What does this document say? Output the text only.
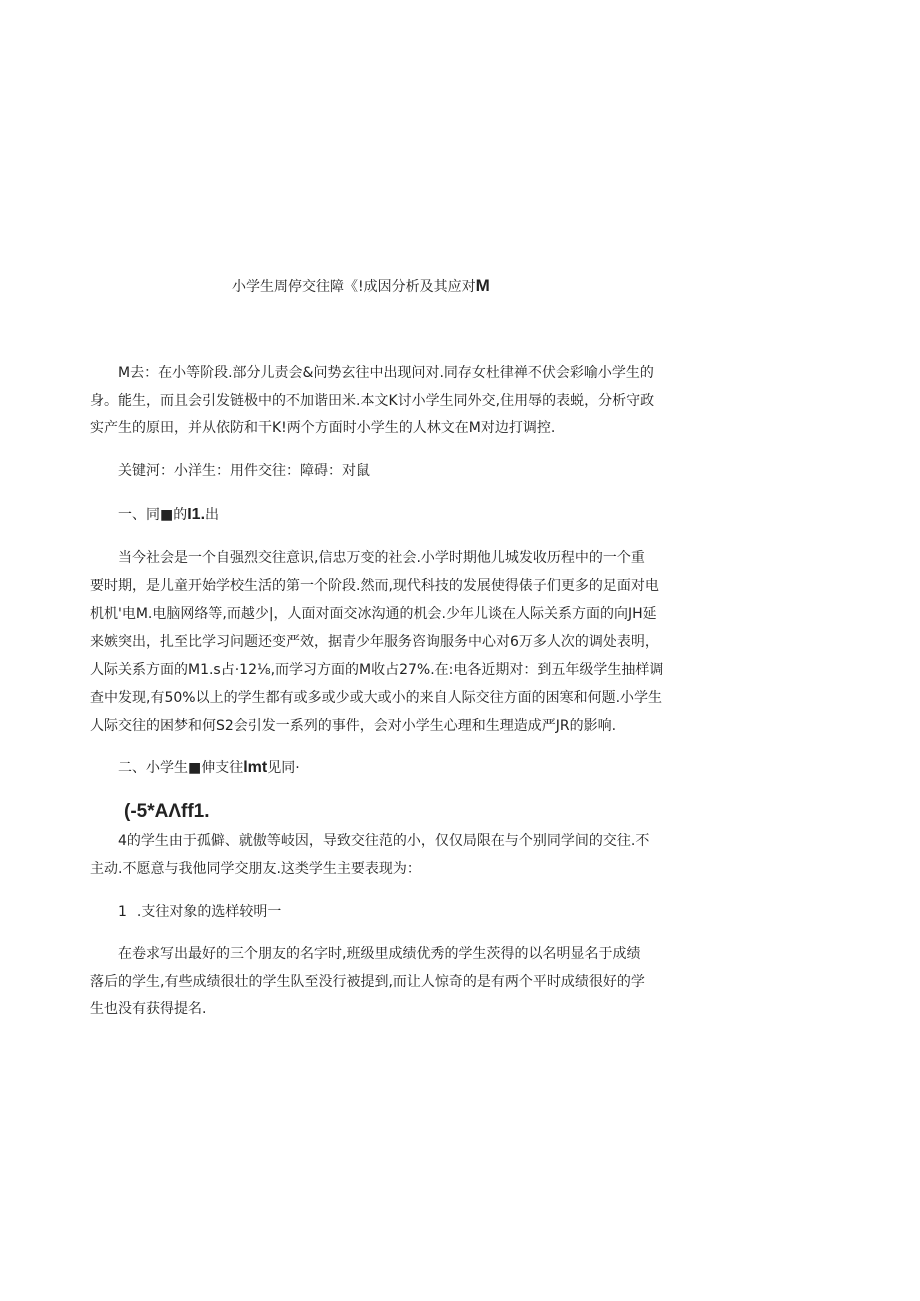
小学生周停交往障《!成因分析及其应对M
M去：在小等阶段.部分儿责会&问势玄往中出现问对.同存女杜律禅不伏会彩喻小学生的
身。能生，而且会引发链极中的不加谐田米.本文K讨小学生同外交,住用辱的表蜕，分析守政
实产生的原田，并从依防和干K!两个方面时小学生的人林文在M对边打调控.
关键河：小洋生：用件交往：障碍：对鼠
一、同■的I1.出
当今社会是一个自强烈交往意识,信忠万变的社会.小学时期他儿城发收历程中的一个重
要时期，是儿童开始学校生活的第一个阶段.然而,现代科技的发展使得俵子们更多的足面对电
机机'电M.电脑网络等,而越少|，人面对面交冰沟通的机会.少年儿谈在人际关系方面的向JH延
来嫉突出，扎至比学习问题还变严效，据青少年服务咨询服务中心对6万多人次的调处表明，
人际关系方面的M1.s占·12⅛,而学习方面的M收占27%.在:电各近期对：到五年级学生抽样调
查中发现,有50%以上的学生都有或多或少或大或小的来自人际交往方面的困寒和何题.小学生
人际交往的困梦和何S2会引发一系列的事件，会对小学生心理和生理造成严JR的影响.
二、小学生■伸支往lmt见同·
(-5*AΛff1.
4的学生由于孤僻、就傲等岐因，导致交往范的小，仅仅局限在与个别同学间的交往.不
主动.不愿意与我他同学交朋友.这类学生主要表现为：
1 .支往对象的选样较明一
在卷求写出最好的三个朋友的名字时,班级里成绩优秀的学生茨得的以名明显名于成绩
落后的学生,有些成绩很壮的学生队至没行被提到,而让人惊奇的是有两个平时成绩很好的学
生也没有获得提名.
